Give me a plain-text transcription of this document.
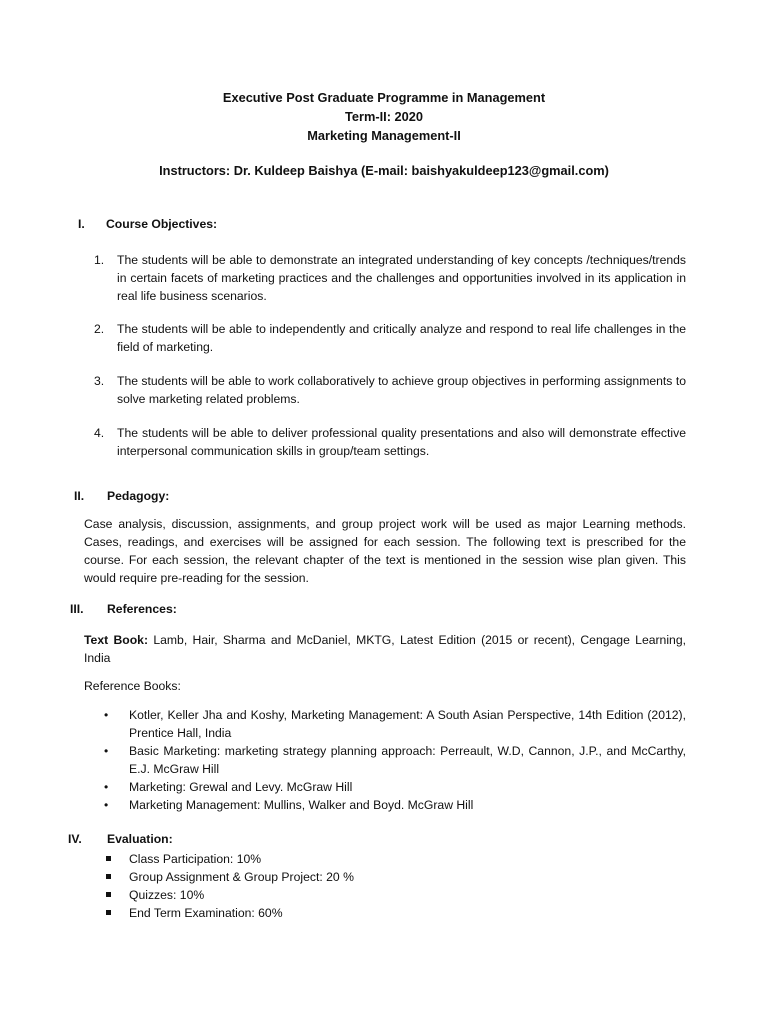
Executive Post Graduate Programme in Management
Term-II: 2020
Marketing Management-II
Instructors: Dr. Kuldeep Baishya (E-mail: baishyakuldeep123@gmail.com)
I. Course Objectives:
1. The students will be able to demonstrate an integrated understanding of key concepts /techniques/trends in certain facets of marketing practices and the challenges and opportunities involved in its application in real life business scenarios.
2. The students will be able to independently and critically analyze and respond to real life challenges in the field of marketing.
3. The students will be able to work collaboratively to achieve group objectives in performing assignments to solve marketing related problems.
4. The students will be able to deliver professional quality presentations and also will demonstrate effective interpersonal communication skills in group/team settings.
II. Pedagogy:
Case analysis, discussion, assignments, and group project work will be used as major Learning methods. Cases, readings, and exercises will be assigned for each session. The following text is prescribed for the course. For each session, the relevant chapter of the text is mentioned in the session wise plan given. This would require pre-reading for the session.
III. References:
Text Book: Lamb, Hair, Sharma and McDaniel, MKTG, Latest Edition (2015 or recent), Cengage Learning, India
Reference Books:
• Kotler, Keller Jha and Koshy, Marketing Management: A South Asian Perspective, 14th Edition (2012), Prentice Hall, India
• Basic Marketing: marketing strategy planning approach: Perreault, W.D, Cannon, J.P., and McCarthy, E.J. McGraw Hill
• Marketing: Grewal and Levy. McGraw Hill
• Marketing Management: Mullins, Walker and Boyd. McGraw Hill
IV. Evaluation:
Class Participation: 10%
Group Assignment & Group Project: 20 %
Quizzes: 10%
End Term Examination: 60%
